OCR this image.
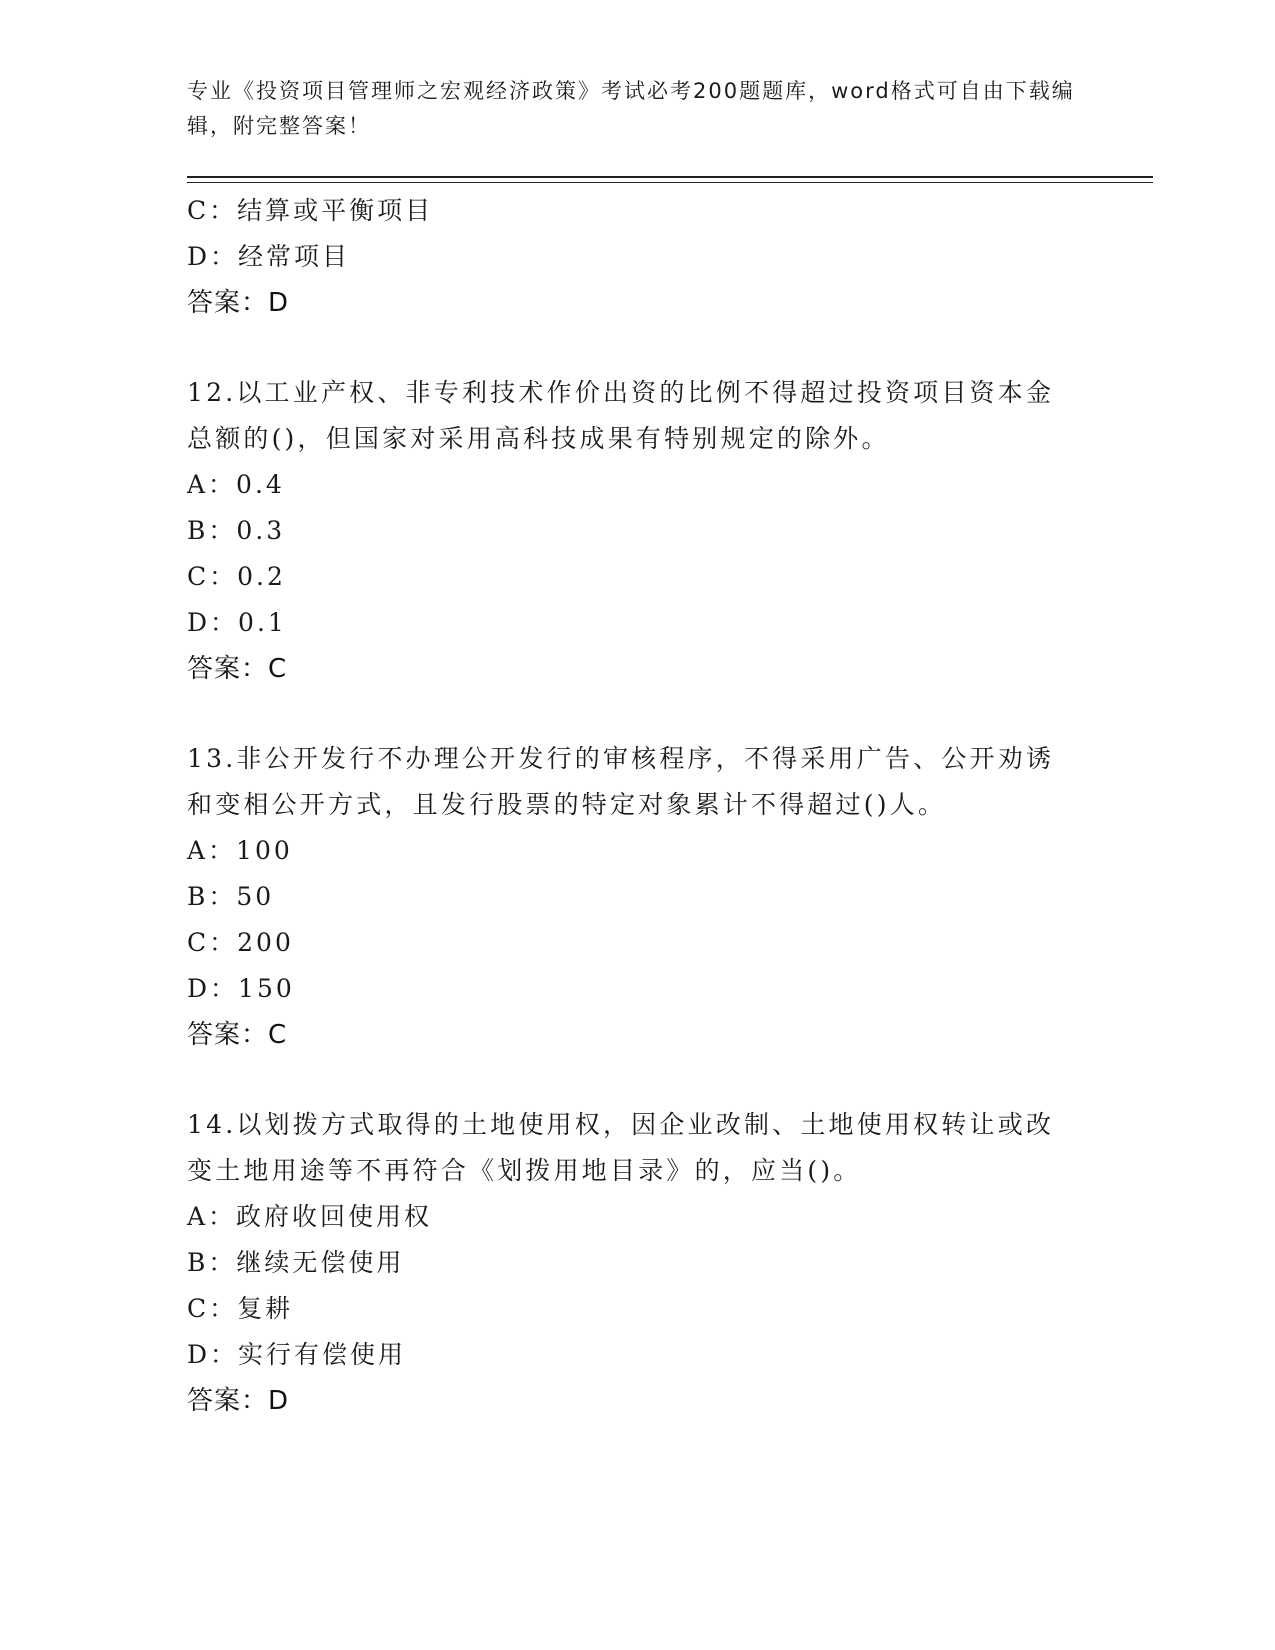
专业《投资项目管理师之宏观经济政策》考试必考200题题库，word格式可自由下载编辑，附完整答案！
C：结算或平衡项目
D：经常项目
答案：D
12.以工业产权、非专利技术作价出资的比例不得超过投资项目资本金总额的()，但国家对采用高科技成果有特别规定的除外。
A：0.4
B：0.3
C：0.2
D：0.1
答案：C
13.非公开发行不办理公开发行的审核程序，不得采用广告、公开劝诱和变相公开方式，且发行股票的特定对象累计不得超过()人。
A：100
B：50
C：200
D：150
答案：C
14.以划拨方式取得的土地使用权，因企业改制、土地使用权转让或改变土地用途等不再符合《划拨用地目录》的，应当()。
A：政府收回使用权
B：继续无偿使用
C：复耕
D：实行有偿使用
答案：D
